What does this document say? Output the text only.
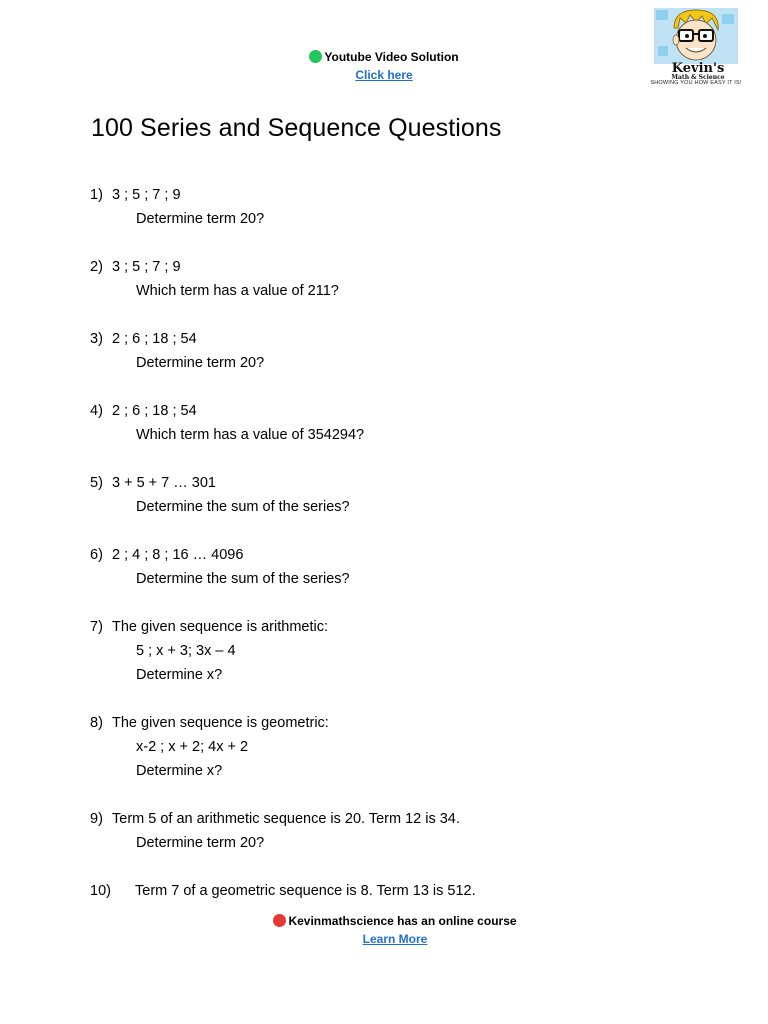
Youtube Video Solution
Click here	Kevin's
Math & Science
SHOWING YOU HOW EASY IT IS!
100 Series and Sequence Questions
1) 3 ; 5 ; 7 ; 9
Determine term 20?
2) 3 ; 5 ; 7 ; 9
Which term has a value of 211?
3) 2 ; 6 ; 18 ; 54
Determine term 20?
4) 2 ; 6 ; 18 ; 54
Which term has a value of 354294?
5) 3 + 5 + 7 … 301
Determine the sum of the series?
6) 2 ; 4 ; 8 ; 16 … 4096
Determine the sum of the series?
7) The given sequence is arithmetic:
5 ; x + 3; 3x – 4
Determine x?
8) The given sequence is geometric:
x-2 ; x + 2; 4x + 2
Determine x?
9) Term 5 of an arithmetic sequence is 20. Term 12 is 34.
Determine term 20?
10) Term 7 of a geometric sequence is 8. Term 13 is 512.
Kevinmathscience has an online course
Learn More
